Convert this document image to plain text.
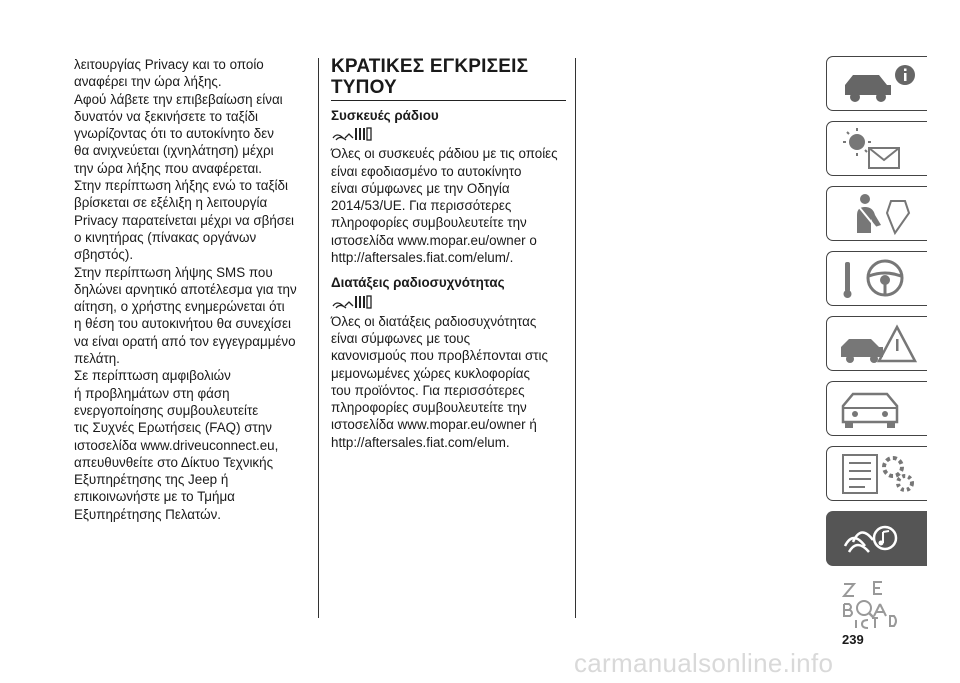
λειτουργίας Privacy και το οποίο
αναφέρει την ώρα λήξης.
Αφού λάβετε την επιβεβαίωση είναι
δυνατόν να ξεκινήσετε το ταξίδι
γνωρίζοντας ότι το αυτοκίνητο δεν
θα ανιχνεύεται (ιχνηλάτηση) μέχρι
την ώρα λήξης που αναφέρεται.
Στην περίπτωση λήξης ενώ το ταξίδι
βρίσκεται σε εξέλιξη η λειτουργία
Privacy παρατείνεται μέχρι να σβήσει
ο κινητήρας (πίνακας οργάνων
σβηστός).
Στην περίπτωση λήψης SMS που
δηλώνει αρνητικό αποτέλεσμα για την
αίτηση, ο χρήστης ενημερώνεται ότι
η θέση του αυτοκινήτου θα συνεχίσει
να είναι ορατή από τον εγγεγραμμένο
πελάτη.
Σε περίπτωση αμφιβολιών
ή προβλημάτων στη φάση
ενεργοποίησης συμβουλευτείτε
τις Συχνές Ερωτήσεις (FAQ) στην
ιστοσελίδα www.driveuconnect.eu,
απευθυνθείτε στο Δίκτυο Τεχνικής
Εξυπηρέτησης της Jeep ή
επικοινωνήστε με το Τμήμα
Εξυπηρέτησης Πελατών.

ΚΡΑΤΙΚΕΣ ΕΓΚΡΙΣΕΙΣ
ΤΥΠΟΥ
Συσκευές ράδιου

Όλες οι συσκευές ράδιου με τις οποίες
είναι εφοδιασμένο το αυτοκίνητο
είναι σύμφωνες με την Οδηγία
2014/53/UE. Για περισσότερες
πληροφορίες συμβουλευτείτε την
ιστοσελίδα www.mopar.eu/owner ο
http://aftersales.fiat.com/elum/.

Διατάξεις ραδιοσυχνότητας

Όλες οι διατάξεις ραδιοσυχνότητας
είναι σύμφωνες με τους
κανονισμούς που προβλέπονται στις
μεμονωμένες χώρες κυκλοφορίας
του προϊόντος. Για περισσότερες
πληροφορίες συμβουλευτείτε την
ιστοσελίδα www.mopar.eu/owner ή
http://aftersales.fiat.com/elum.

239
carmanualsonline.info
